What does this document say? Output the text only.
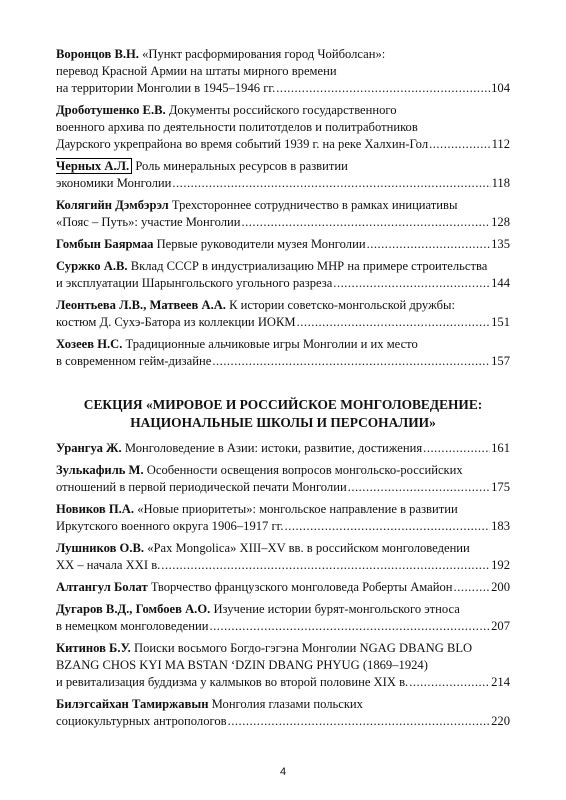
Воронцов В.Н. «Пункт расформирования город Чойболсан»:
перевод Красной Армии на штаты мирного времени
на территории Монголии в 1945–1946 гг. .....	104
Дроботушенко Е.В. Документы российского государственного
военного архива по деятельности политотделов и политработников
Даурского укрепрайона во время событий 1939 г. на реке Халхин-Гол .....	112
Черных А.Л. Роль минеральных ресурсов в развитии
экономики Монголии .....	118
Колягийн Дэмбэрэл Трехстороннее сотрудничество в рамках инициативы
«Пояс – Путь»: участие Монголии .....	128
Гомбын Баярмаа Первые руководители музея Монголии .....	135
Суржко А.В. Вклад СССР в индустриализацию МНР на примере строительства
и эксплуатации Шарынгольского угольного разреза .....	144
Леонтьева Л.В., Матвеев А.А. К истории советско-монгольской дружбы:
костюм Д. Сухэ-Батора из коллекции ИОКМ .....	151
Хозеев Н.С. Традиционные альчиковые игры Монголии и их место
в современном гейм-дизайне .....	157
СЕКЦИЯ «МИРОВОЕ И РОССИЙСКОЕ МОНГОЛОВЕДЕНИЕ:
НАЦИОНАЛЬНЫЕ ШКОЛЫ И ПЕРСОНАЛИИ»
Урангуа Ж. Монголоведение в Азии: истоки, развитие, достижения .....	161
Зулькафиль М. Особенности освещения вопросов монгольско-российских
отношений в первой периодической печати Монголии .....	175
Новиков П.А. «Новые приоритеты»: монгольское направление в развитии
Иркутского военного округа 1906–1917 гг. .....	183
Лушников О.В. «Pax Mongolica» XIII–XV вв. в российском монголоведении
XX – начала XXI в. .....	192
Алтангул Болат Творчество французского монголоведа Роберты Амайон .....	200
Дугаров В.Д., Гомбоев А.О. Изучение истории бурят-монгольского этноса
в немецком монголоведении .....	207
Китинов Б.У. Поиски восьмого Богдо-гэгэна Монголии NGAG DBANG BLO
BZANG CHOS KYI MA BSTAN ‘DZIN DBANG PHYUG (1869–1924)
и ревитализация буддизма у калмыков во второй половине XIX в. .....	214
Билэгсайхан Тамиржавын Монголия глазами польских
социокультурных антропологов .....	220
4
